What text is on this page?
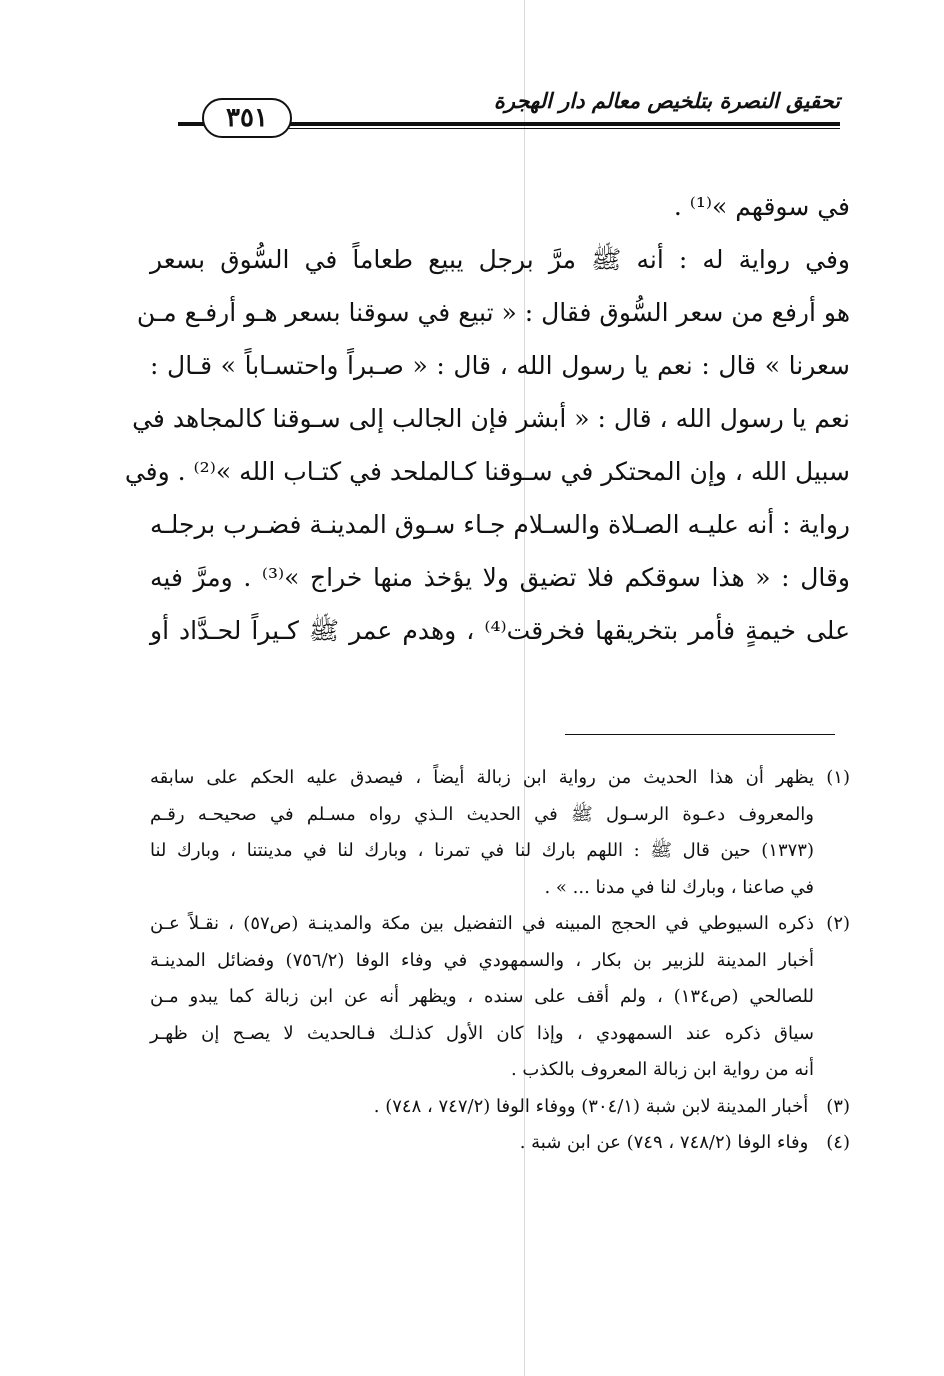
تحقيق النصرة بتلخيص معالم دار الهجرة
٣٥١
في سوقهم »⁽¹⁾ .
وفي رواية له : أنه ﷺ مرَّ برجل يبيع طعاماً في السُّوق بسعر
هو أرفع من سعر السُّوق فقال : « تبيع في سوقنا بسعر هـو أرفـع مـن
سعرنا » قال : نعم يا رسول الله ، قال : « صـبراً واحتسـاباً » قـال :
نعم يا رسول الله ، قال : « أبشر فإن الجالب إلى سـوقنا كالمجاهد في
سبيل الله ، وإن المحتكر في سـوقنا كـالملحد في كتـاب الله »⁽²⁾ . وفي
رواية : أنه عليـه الصـلاة والسـلام جـاء سـوق المدينـة فضـرب برجلـه
وقال : « هذا سوقكم فلا تضيق ولا يؤخذ منها خراج »⁽³⁾ . ومرَّ فيه
على خيمةٍ فأمر بتخريقها فخرقت⁽⁴⁾ ، وهدم عمر ﷺ كـيراً لحـدَّاد أو
(١)يظهر أن هذا الحديث من رواية ابن زبالة أيضاً ، فيصدق عليه الحكم على سابقه
والمعروف دعـوة الرسـول ﷺ في الحديث الـذي رواه مسـلم في صحيحـه رقـم
(١٣٧٣) حين قال ﷺ : اللهم بارك لنا في تمرنا ، وبارك لنا في مدينتنا ، وبارك لنا
في صاعنا ، وبارك لنا في مدنا ... » .
(٢)ذكره السيوطي في الحجج المبينه في التفضيل بين مكة والمدينـة (ص٥٧) ، نقـلاً عـن
أخبار المدينة للزبير بن بكار ، والسمهودي في وفاء الوفا (٧٥٦/٢) وفضائل المدينـة
للصالحي (ص١٣٤) ، ولم أقف على سنده ، ويظهر أنه عن ابن زبالة كما يبدو مـن
سياق ذكره عند السمهودي ، وإذا كان الأول كذلـك فـالحديث لا يصـح إن ظهـر
أنه من رواية ابن زبالة المعروف بالكذب .
(٣) أخبار المدينة لابن شبة (٣٠٤/١) ووفاء الوفا (٧٤٧/٢ ، ٧٤٨) .
(٤) وفاء الوفا (٧٤٨/٢ ، ٧٤٩) عن ابن شبة .
